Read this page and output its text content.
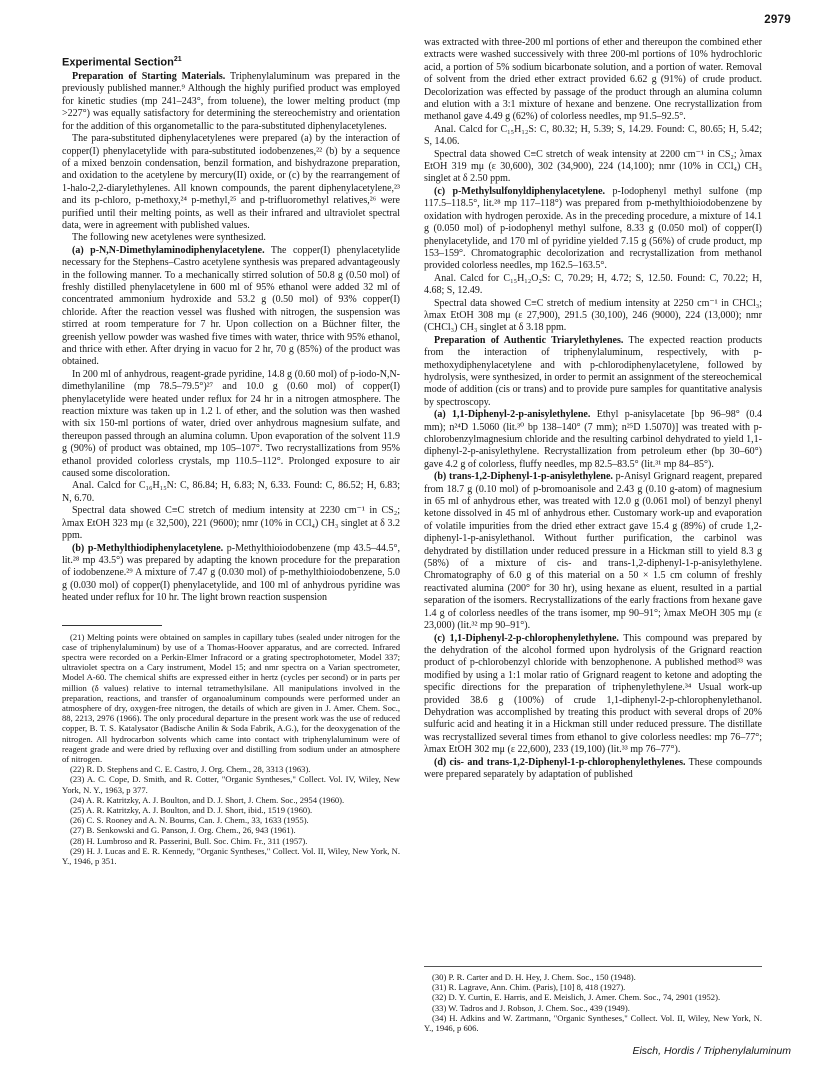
2979
Experimental Section$^{21}$

Preparation of Starting Materials. Triphenylaluminum was prepared in the previously published manner.⁹ Although the highly purified product was employed for kinetic studies (mp 241–243°, from toluene), the lower melting product (mp >227°) was equally satisfactory for determining the stereochemistry and orientation for the addition of this organometallic to the para-substituted diphenylacetylenes.

The para-substituted diphenylacetylenes were prepared (a) by the interaction of copper(I) phenylacetylide with para-substituted iodobenzenes,²² (b) by a sequence of a mixed benzoin condensation, benzil formation, and bishydrazone preparation, and oxidation to the acetylene by mercury(II) oxide, or (c) by the rearrangement of 1-halo-2,2-diarylethylenes. All known compounds, the parent diphenylacetylene,²³ and its p-chloro, p-methoxy,²⁴ p-methyl,²⁵ and p-trifluoromethyl relatives,²⁶ were purified until their melting points, as well as their infrared and ultraviolet spectral data, were in agreement with published values.

The following new acetylenes were synthesized.

(a) p-N,N-Dimethylaminodiphenylacetylene. The copper(I) phenylacetylide necessary for the Stephens–Castro acetylene synthesis was prepared advantageously in the following manner. To a mechanically stirred solution of 50.8 g (0.50 mol) of freshly distilled phenylacetylene in 600 ml of 95% ethanol were added 32 ml of concentrated ammonium hydroxide and 53.2 g (0.50 mol) of 93% copper(I) chloride. After the reaction vessel was flushed with nitrogen, the suspension was stirred at room temperature for 7 hr. Upon collection on a Büchner filter, the greenish yellow powder was washed five times with water, thrice with 95% ethanol, and thrice with ether. After drying in vacuo for 2 hr, 70 g (85%) of the product was obtained.

In 200 ml of anhydrous, reagent-grade pyridine, 14.8 g (0.60 mol) of p-iodo-N,N-dimethylaniline (mp 78.5–79.5°)²⁷ and 10.0 g (0.60 mol) of copper(I) phenylacetylide were heated under reflux for 24 hr in a nitrogen atmosphere. The reaction mixture was taken up in 1.2 l. of ether, and the solution was then washed with six 150-ml portions of water, dried over anhydrous magnesium sulfate, and thereupon passed through an alumina column. Upon evaporation of the solvent 11.9 g (90%) of product was obtained, mp 105–107°. Two recrystallizations from 95% ethanol provided colorless crystals, mp 110.5–112°. Prolonged exposure to air caused some discoloration.

Anal. Calcd for C₁₆H₁₅N: C, 86.84; H, 6.83; N, 6.33. Found: C, 86.52; H, 6.83; N, 6.70.

Spectral data showed C≡C stretch of medium intensity at 2230 cm⁻¹ in CS₂; λmax EtOH 323 mμ (ε 32,500), 221 (9600); nmr (10% in CCl₄) CH₃ singlet at δ 3.2 ppm.

(b) p-Methylthiodiphenylacetylene. p-Methylthioiodobenzene (mp 43.5–44.5°, lit.²⁸ mp 43.5°) was prepared by adapting the known procedure for the preparation of iodobenzene.²⁹ A mixture of 7.47 g (0.030 mol) of p-methylthioiodobenzene, 5.0 g (0.030 mol) of copper(I) phenylacetylide, and 100 ml of anhydrous pyridine was heated under reflux for 10 hr. The light brown reaction suspension

(21) Melting points were obtained on samples in capillary tubes (sealed under nitrogen for the case of triphenylaluminum) by use of a Thomas-Hoover apparatus, and are corrected. Infrared spectra were recorded on a Perkin-Elmer Infracord or a grating spectrophotometer, Model 337; ultraviolet spectra on a Cary instrument, Model 15; and nmr spectra on a Varian spectrometer, Model A-60. The chemical shifts are expressed either in hertz (cycles per second) or in parts per million (δ values) relative to internal tetramethylsilane. All manipulations involved in the preparation, reactions, and transfer of organoaluminum compounds were performed under an atmosphere of dry, oxygen-free nitrogen, the details of which are given in J. Amer. Chem. Soc., 88, 2213, 2976 (1966). The only procedural departure in the present work was the use of reduced copper, B. T. S. Katalysator (Badische Anilin & Soda Fabrik, A.G.), for the deoxygenation of the nitrogen. All hydrocarbon solvents which came into contact with triphenylaluminum were of reagent grade and were dried by refluxing over and distilling from sodium under an atmosphere of nitrogen.

(22) R. D. Stephens and C. E. Castro, J. Org. Chem., 28, 3313 (1963).

(23) A. C. Cope, D. Smith, and R. Cotter, "Organic Syntheses," Collect. Vol. IV, Wiley, New York, N. Y., 1963, p 377.

(24) A. R. Katritzky, A. J. Boulton, and D. J. Short, J. Chem. Soc., 2954 (1960).

(25) A. R. Katritzky, A. J. Boulton, and D. J. Short, ibid., 1519 (1960).

(26) C. S. Rooney and A. N. Bourns, Can. J. Chem., 33, 1633 (1955).

(27) B. Senkowski and G. Panson, J. Org. Chem., 26, 943 (1961).

(28) H. Lumbroso and R. Passerini, Bull. Soc. Chim. Fr., 311 (1957).

(29) H. J. Lucas and E. R. Kennedy, "Organic Syntheses," Collect. Vol. II, Wiley, New York, N. Y., 1946, p 351.

was extracted with three-200 ml portions of ether and thereupon the combined ether extracts were washed successively with three 200-ml portions of 10% hydrochloric acid, a portion of 5% sodium bicarbonate solution, and a portion of water. Removal of solvent from the dried ether extract provided 6.62 g (91%) of crude product. Decolorization was effected by passage of the product through an alumina column and elution with a 3:1 mixture of hexane and benzene. One recrystallization from methanol gave 4.49 g (62%) of colorless needles, mp 91.5–92.5°.

Anal. Calcd for C₁₅H₁₂S: C, 80.32; H, 5.39; S, 14.29. Found: C, 80.65; H, 5.42; S, 14.06.

Spectral data showed C≡C stretch of weak intensity at 2200 cm⁻¹ in CS₂; λmax EtOH 319 mμ (ε 30,600), 302 (34,900), 224 (14,100); nmr (10% in CCl₄) CH₃ singlet at δ 2.50 ppm.

(c) p-Methylsulfonyldiphenylacetylene. p-Iodophenyl methyl sulfone (mp 117.5–118.5°, lit.²⁸ mp 117–118°) was prepared from p-methylthioiodobenzene by oxidation with hydrogen peroxide. As in the preceding procedure, a mixture of 14.1 g (0.050 mol) of p-iodophenyl methyl sulfone, 8.33 g (0.050 mol) of copper(I) phenylacetylide, and 170 ml of pyridine yielded 7.15 g (56%) of crude product, mp 153–159°. Chromatographic decolorization and recrystallization from methanol provided colorless needles, mp 162.5–163.5°.

Anal. Calcd for C₁₅H₁₂O₂S: C, 70.29; H, 4.72; S, 12.50. Found: C, 70.22; H, 4.68; S, 12.49.

Spectral data showed C≡C stretch of medium intensity at 2250 cm⁻¹ in CHCl₃; λmax EtOH 308 mμ (ε 27,900), 291.5 (30,100), 246 (9000), 224 (13,000); nmr (CHCl₃) CH₃ singlet at δ 3.18 ppm.

Preparation of Authentic Triarylethylenes. The expected reaction products from the interaction of triphenylaluminum, respectively, with p-methoxydiphenylacetylene and with p-chlorodiphenylacetylene, followed by hydrolysis, were synthesized, in order to permit an assignment of the stereochemical mode of addition (cis or trans) and to provide pure samples for quantitative analysis by spectroscopy.

(a) 1,1-Diphenyl-2-p-anisylethylene. Ethyl p-anisylacetate [bp 96–98° (0.4 mm); n²⁴D 1.5060 (lit.³⁰ bp 138–140° (7 mm); n²⁵D 1.5070)] was treated with p-chlorobenzylmagnesium chloride and the resulting carbinol dehydrated to yield 1,1-diphenyl-2-p-anisylethylene. Recrystallization from petroleum ether (bp 30–60°) gave 4.2 g of colorless, fluffy needles, mp 82.5–83.5° (lit.³¹ mp 84–85°).

(b) trans-1,2-Diphenyl-1-p-anisylethylene. p-Anisyl Grignard reagent, prepared from 18.7 g (0.10 mol) of p-bromoanisole and 2.43 g (0.10 g-atom) of magnesium in 65 ml of anhydrous ether, was treated with 12.0 g (0.061 mol) of benzyl phenyl ketone dissolved in 45 ml of anhydrous ether. Customary work-up and evaporation of volatile impurities from the dried ether extract gave 15.4 g (89%) of crude 1,2-diphenyl-1-p-anisylethanol. Without further purification, the carbinol was dehydrated by distillation under reduced pressure in a Hickman still to yield 8.3 g (58%) of a mixture of cis- and trans-1,2-diphenyl-1-p-anisylethylene. Chromatography of 6.0 g of this material on a 50 × 1.5 cm column of freshly reactivated alumina (200° for 30 hr), using hexane as eluent, resulted in a partial separation of the isomers. Recrystallizations of the early fractions from hexane gave 1.4 g of colorless needles of the trans isomer, mp 90–91°; λmax MeOH 305 mμ (ε 23,000) (lit.³² mp 90–91°).

(c) 1,1-Diphenyl-2-p-chlorophenylethylene. This compound was prepared by the dehydration of the alcohol formed upon hydrolysis of the Grignard reaction product of p-chlorobenzyl chloride with benzophenone. A published method³³ was modified by using a 1:1 molar ratio of Grignard reagent to ketone and adopting the specific directions for the preparation of triphenylethylene.³⁴ Usual work-up provided 38.6 g (100%) of crude 1,1-diphenyl-2-p-chlorophenylethanol. Dehydration was accomplished by treating this product with several drops of 20% sulfuric acid and heating it in a Hickman still under reduced pressure. The distillate was recrystallized several times from ethanol to give colorless needles: mp 76–77°; λmax EtOH 302 mμ (ε 22,600), 233 (19,100) (lit.³³ mp 76–77°).

(d) cis- and trans-1,2-Diphenyl-1-p-chlorophenylethylenes. These compounds were prepared separately by adaptation of published

(30) P. R. Carter and D. H. Hey, J. Chem. Soc., 150 (1948).

(31) R. Lagrave, Ann. Chim. (Paris), [10] 8, 418 (1927).

(32) D. Y. Curtin, E. Harris, and E. Meislich, J. Amer. Chem. Soc., 74, 2901 (1952).

(33) W. Tadros and J. Robson, J. Chem. Soc., 439 (1949).

(34) H. Adkins and W. Zartmann, "Organic Syntheses," Collect. Vol. II, Wiley, New York, N. Y., 1946, p 606.

Eisch, Hordis / Triphenylaluminum
